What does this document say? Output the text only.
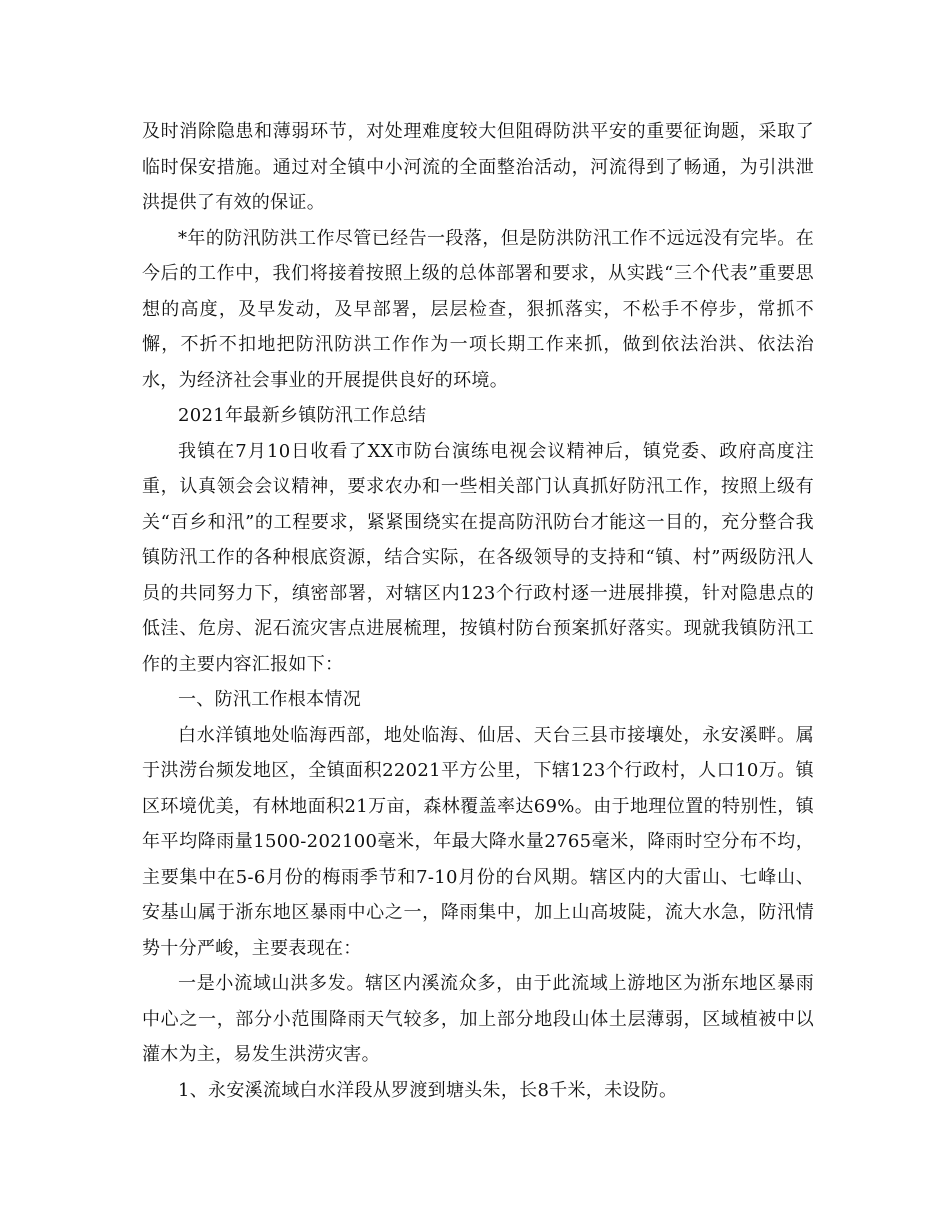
及时消除隐患和薄弱环节，对处理难度较大但阻碍防洪平安的重要征询题，采取了临时保安措施。通过对全镇中小河流的全面整治活动，河流得到了畅通，为引洪泄洪提供了有效的保证。

*年的防汛防洪工作尽管已经告一段落，但是防洪防汛工作不远远没有完毕。在今后的工作中，我们将接着按照上级的总体部署和要求，从实践“三个代表”重要思想的高度，及早发动，及早部署，层层检查，狠抓落实，不松手不停步，常抓不懈，不折不扣地把防汛防洪工作作为一项长期工作来抓，做到依法治洪、依法治水，为经济社会事业的开展提供良好的环境。

2021年最新乡镇防汛工作总结

我镇在7月10日收看了XX市防台演练电视会议精神后，镇党委、政府高度注重，认真领会会议精神，要求农办和一些相关部门认真抓好防汛工作，按照上级有关“百乡和汛”的工程要求，紧紧围绕实在提高防汛防台才能这一目的，充分整合我镇防汛工作的各种根底资源，结合实际，在各级领导的支持和“镇、村”两级防汛人员的共同努力下，缜密部署，对辖区内123个行政村逐一进展排摸，针对隐患点的低洼、危房、泥石流灾害点进展梳理，按镇村防台预案抓好落实。现就我镇防汛工作的主要内容汇报如下：

一、防汛工作根本情况

白水洋镇地处临海西部，地处临海、仙居、天台三县市接壤处，永安溪畔。属于洪涝台频发地区，全镇面积22021平方公里，下辖123个行政村，人口10万。镇区环境优美，有林地面积21万亩，森林覆盖率达69%。由于地理位置的特别性，镇年平均降雨量1500-202100毫米，年最大降水量2765毫米，降雨时空分布不均，主要集中在5-6月份的梅雨季节和7-10月份的台风期。辖区内的大雷山、七峰山、安基山属于浙东地区暴雨中心之一，降雨集中，加上山高坡陡，流大水急，防汛情势十分严峻，主要表现在：

一是小流域山洪多发。辖区内溪流众多，由于此流域上游地区为浙东地区暴雨中心之一，部分小范围降雨天气较多，加上部分地段山体土层薄弱，区域植被中以灌木为主，易发生洪涝灾害。

1、永安溪流域白水洋段从罗渡到塘头朱，长8千米，未设防。
